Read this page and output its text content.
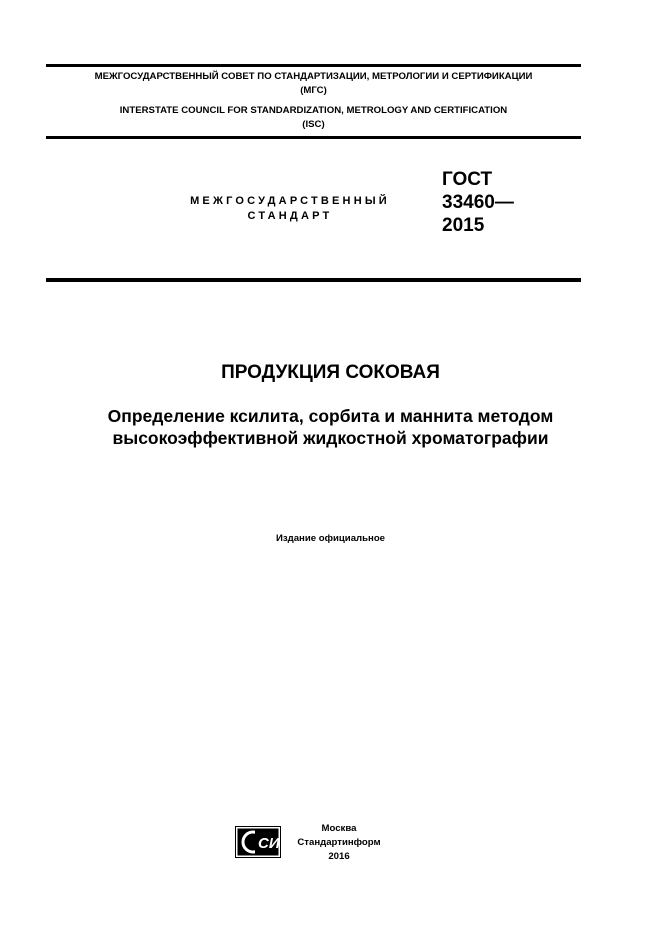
МЕЖГОСУДАРСТВЕННЫЙ СОВЕТ ПО СТАНДАРТИЗАЦИИ, МЕТРОЛОГИИ И СЕРТИФИКАЦИИ
(МГС)
INTERSTATE COUNCIL FOR STANDARDIZATION, METROLOGY AND CERTIFICATION
(ISC)
МЕЖГОСУДАРСТВЕННЫЙ
СТАНДАРТ
ГОСТ
33460—
2015
ПРОДУКЦИЯ СОКОВАЯ
Определение ксилита, сорбита и маннита методом
высокоэффективной жидкостной хроматографии
Издание официальное
СИ
Москва
Стандартинформ
2016
